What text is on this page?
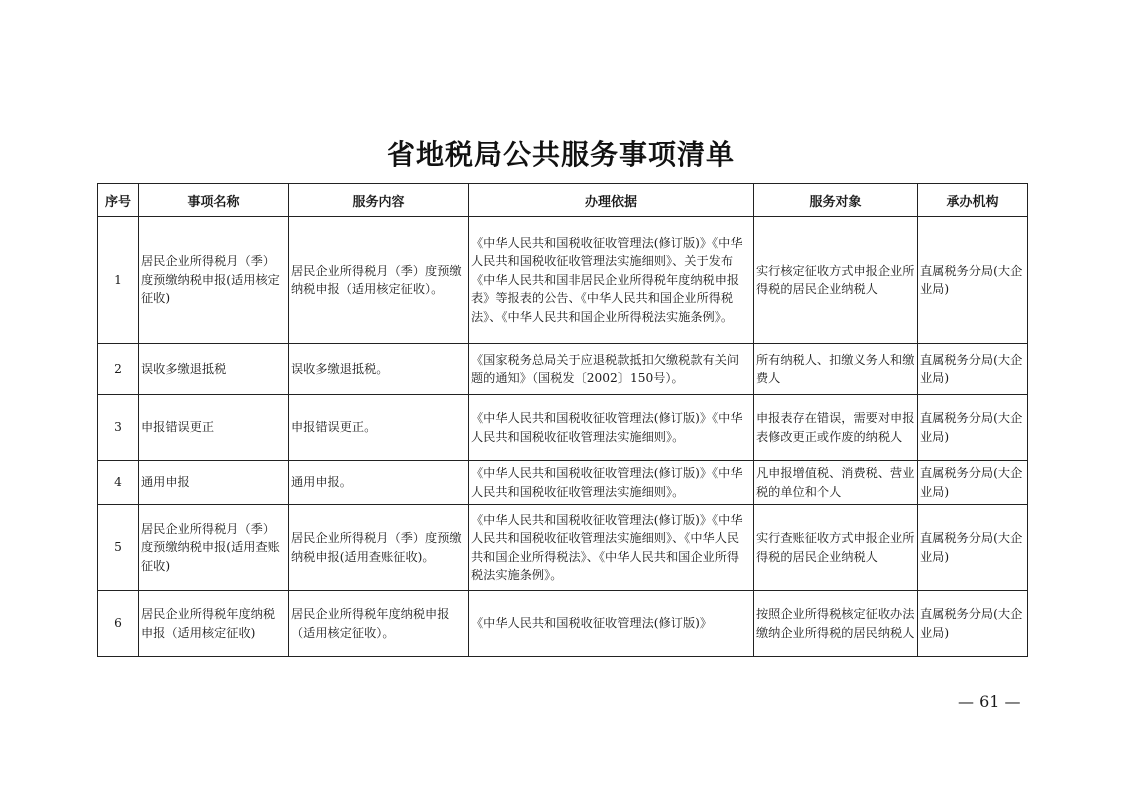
省地税局公共服务事项清单
序号	事项名称	服务内容	办理依据	服务对象	承办机构
1	居民企业所得税月（季）度预缴纳税申报(适用核定征收)	居民企业所得税月（季）度预缴纳税申报（适用核定征收）。	《中华人民共和国税收征收管理法(修订版)》《中华人民共和国税收征收管理法实施细则》、关于发布《中华人民共和国非居民企业所得税年度纳税申报表》等报表的公告、《中华人民共和国企业所得税法》、《中华人民共和国企业所得税法实施条例》。	实行核定征收方式申报企业所得税的居民企业纳税人	直属税务分局(大企业局)
2	误收多缴退抵税	误收多缴退抵税。	《国家税务总局关于应退税款抵扣欠缴税款有关问题的通知》（国税发〔2002〕150号）。	所有纳税人、扣缴义务人和缴费人	直属税务分局(大企业局)
3	申报错误更正	申报错误更正。	《中华人民共和国税收征收管理法(修订版)》《中华人民共和国税收征收管理法实施细则》。	申报表存在错误，需要对申报表修改更正或作废的纳税人	直属税务分局(大企业局)
4	通用申报	通用申报。	《中华人民共和国税收征收管理法(修订版)》《中华人民共和国税收征收管理法实施细则》。	凡申报增值税、消费税、营业税的单位和个人	直属税务分局(大企业局)
5	居民企业所得税月（季）度预缴纳税申报(适用查账征收)	居民企业所得税月（季）度预缴纳税申报(适用查账征收)。	《中华人民共和国税收征收管理法(修订版)》《中华人民共和国税收征收管理法实施细则》、《中华人民共和国企业所得税法》、《中华人民共和国企业所得税法实施条例》。	实行查账征收方式申报企业所得税的居民企业纳税人	直属税务分局(大企业局)
6	居民企业所得税年度纳税申报（适用核定征收)	居民企业所得税年度纳税申报（适用核定征收）。	《中华人民共和国税收征收管理法(修订版)》	按照企业所得税核定征收办法缴纳企业所得税的居民纳税人	直属税务分局(大企业局)
— 61 —
